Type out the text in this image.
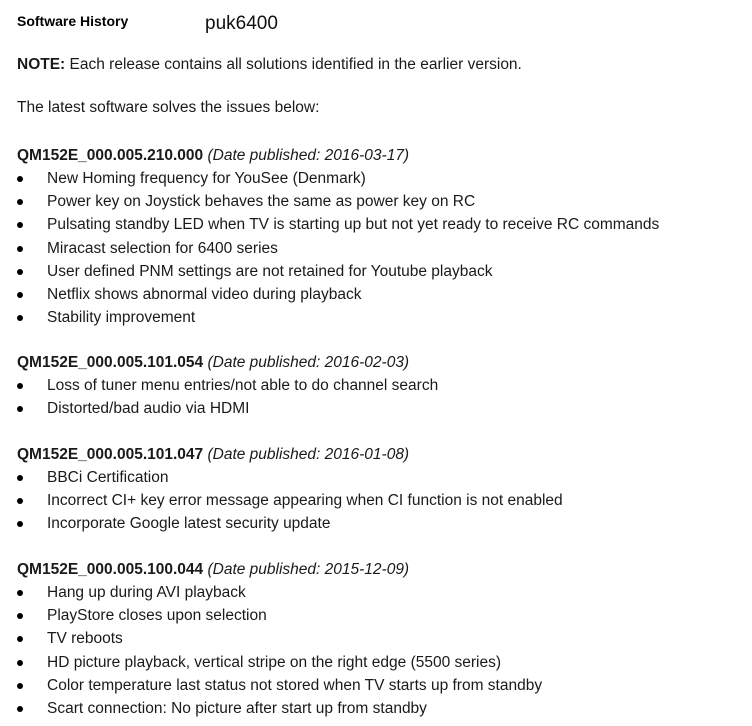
Software History	puk6400
NOTE: Each release contains all solutions identified in the earlier version.
The latest software solves the issues below:
QM152E_000.005.210.000 (Date published: 2016-03-17)
New Homing frequency for YouSee (Denmark)
Power key on Joystick behaves the same as power key on RC
Pulsating standby LED when TV is starting up but not yet ready to receive RC commands
Miracast selection for 6400 series
User defined PNM settings are not retained for Youtube playback
Netflix shows abnormal video during playback
Stability improvement
QM152E_000.005.101.054 (Date published: 2016-02-03)
Loss of tuner menu entries/not able to do channel search
Distorted/bad audio via HDMI
QM152E_000.005.101.047 (Date published: 2016-01-08)
BBCi Certification
Incorrect CI+ key error message appearing when CI function is not enabled
Incorporate Google latest security update
QM152E_000.005.100.044 (Date published: 2015-12-09)
Hang up during AVI playback
PlayStore closes upon selection
TV reboots
HD picture playback, vertical stripe on the right edge (5500 series)
Color temperature last status not stored when TV starts up from standby
Scart connection: No picture after start up from standby
